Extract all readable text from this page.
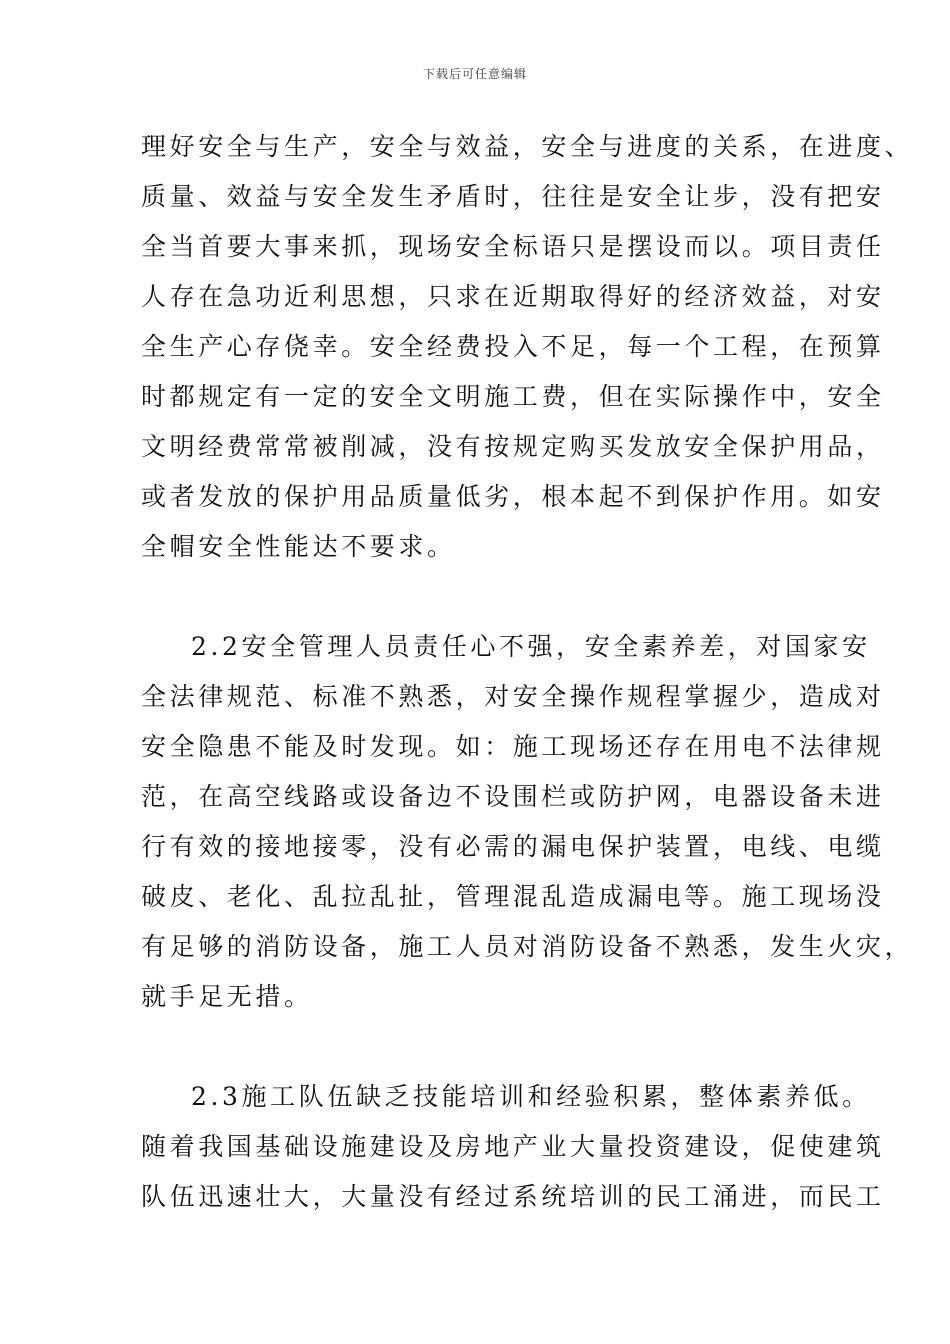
下载后可任意编辑
理好安全与生产，安全与效益，安全与进度的关系，在进度、
质量、效益与安全发生矛盾时，往往是安全让步，没有把安
全当首要大事来抓，现场安全标语只是摆设而以。项目责任
人存在急功近利思想，只求在近期取得好的经济效益，对安
全生产心存侥幸。安全经费投入不足，每一个工程，在预算
时都规定有一定的安全文明施工费，但在实际操作中，安全
文明经费常常被削减，没有按规定购买发放安全保护用品，
或者发放的保护用品质量低劣，根本起不到保护作用。如安
全帽安全性能达不要求。
2.2安全管理人员责任心不强，安全素养差，对国家安
全法律规范、标准不熟悉，对安全操作规程掌握少，造成对
安全隐患不能及时发现。如：施工现场还存在用电不法律规
范，在高空线路或设备边不设围栏或防护网，电器设备未进
行有效的接地接零，没有必需的漏电保护装置，电线、电缆
破皮、老化、乱拉乱扯，管理混乱造成漏电等。施工现场没
有足够的消防设备，施工人员对消防设备不熟悉，发生火灾，
就手足无措。
2.3施工队伍缺乏技能培训和经验积累，整体素养低。
随着我国基础设施建设及房地产业大量投资建设，促使建筑
队伍迅速壮大，大量没有经过系统培训的民工涌进，而民工
